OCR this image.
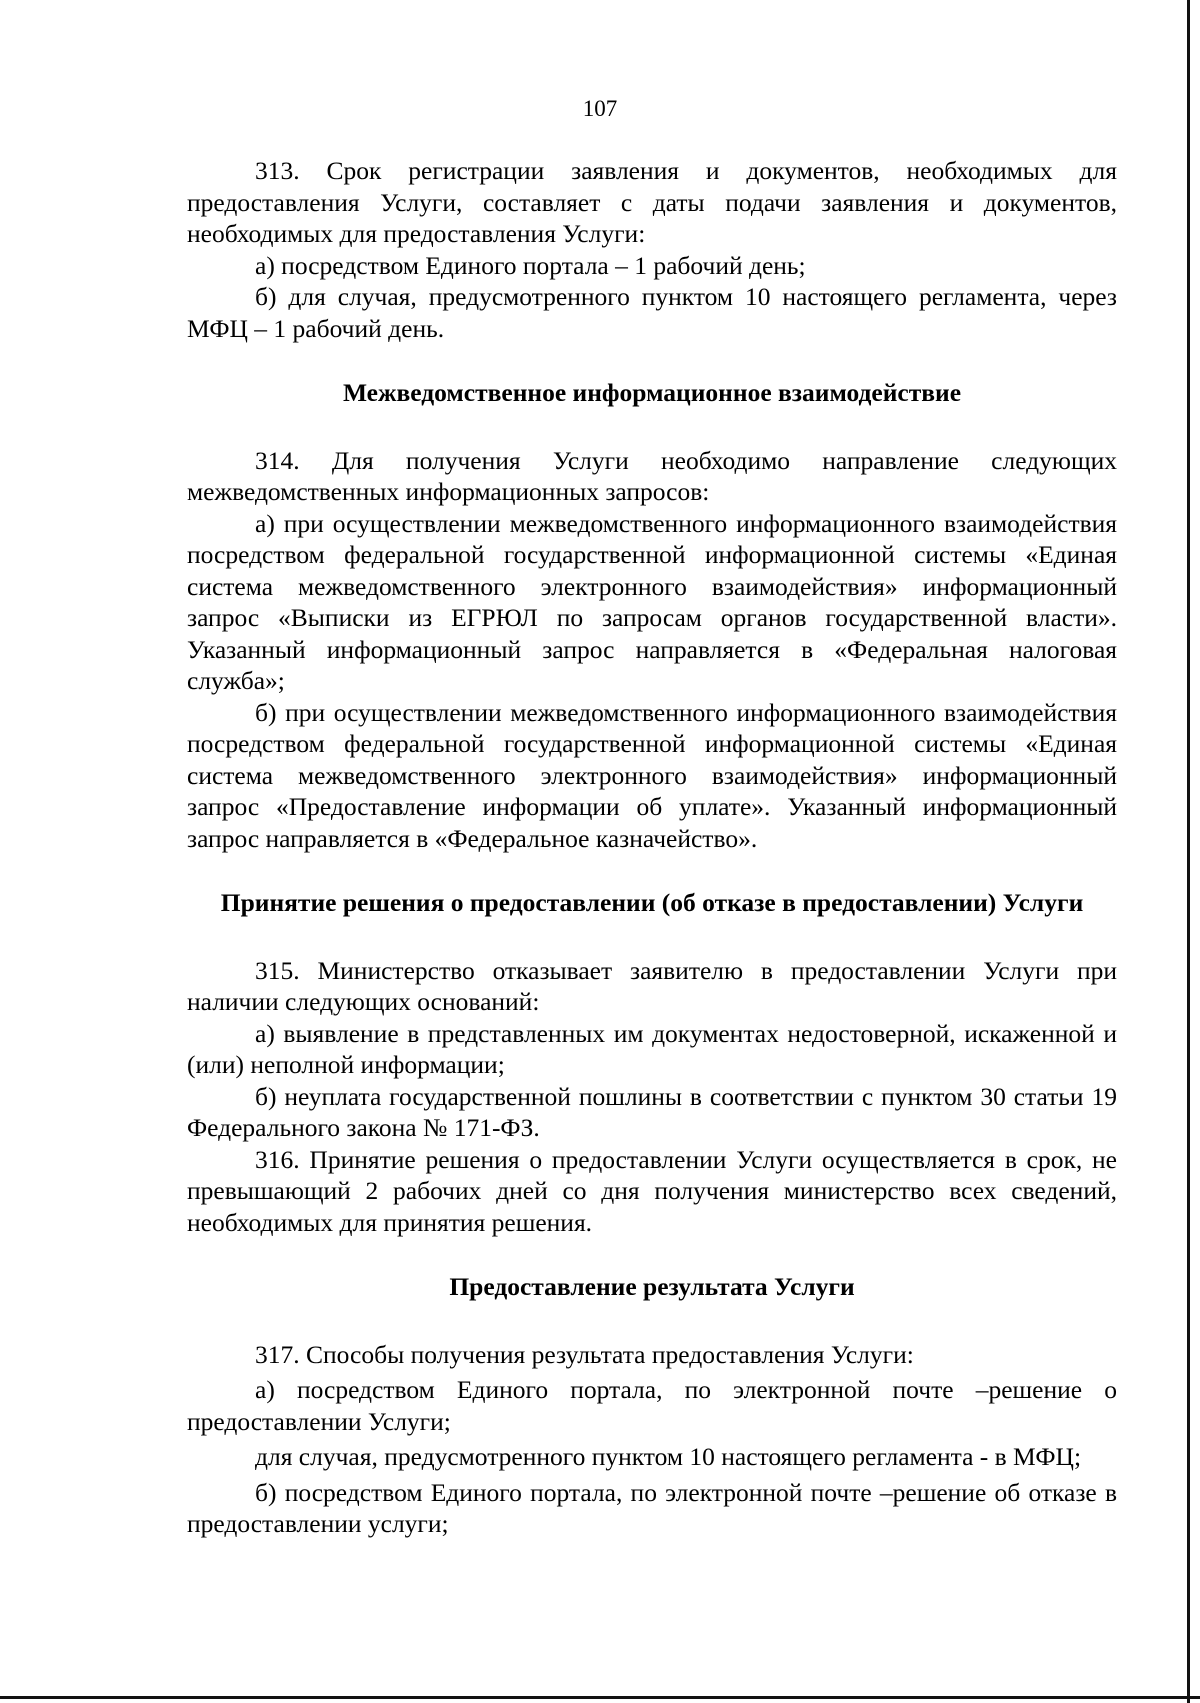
107

313. Срок регистрации заявления и документов, необходимых для предоставления Услуги, составляет с даты подачи заявления и документов, необходимых для предоставления Услуги:

а) посредством Единого портала – 1 рабочий день;

б) для случая, предусмотренного пунктом 10 настоящего регламента, через МФЦ – 1 рабочий день.

Межведомственное информационное взаимодействие

314. Для получения Услуги необходимо направление следующих межведомственных информационных запросов:

а) при осуществлении межведомственного информационного взаимодействия посредством федеральной государственной информационной системы «Единая система межведомственного электронного взаимодействия» информационный запрос «Выписки из ЕГРЮЛ по запросам органов государственной власти». Указанный информационный запрос направляется в «Федеральная налоговая служба»;

б) при осуществлении межведомственного информационного взаимодействия посредством федеральной государственной информационной системы «Единая система межведомственного электронного взаимодействия» информационный запрос «Предоставление информации об уплате». Указанный информационный запрос направляется в «Федеральное казначейство».

Принятие решения о предоставлении (об отказе в предоставлении) Услуги

315. Министерство отказывает заявителю в предоставлении Услуги при наличии следующих оснований:

а) выявление в представленных им документах недостоверной, искаженной и (или) неполной информации;

б) неуплата государственной пошлины в соответствии с пунктом 30 статьи 19 Федерального закона № 171-ФЗ.

316. Принятие решения о предоставлении Услуги осуществляется в срок, не превышающий 2 рабочих дней со дня получения министерство всех сведений, необходимых для принятия решения.

Предоставление результата Услуги

317. Способы получения результата предоставления Услуги:

а) посредством Единого портала, по электронной почте –решение о предоставлении Услуги;

для случая, предусмотренного пунктом 10 настоящего регламента - в МФЦ;

б) посредством Единого портала, по электронной почте –решение об отказе в предоставлении услуги;
